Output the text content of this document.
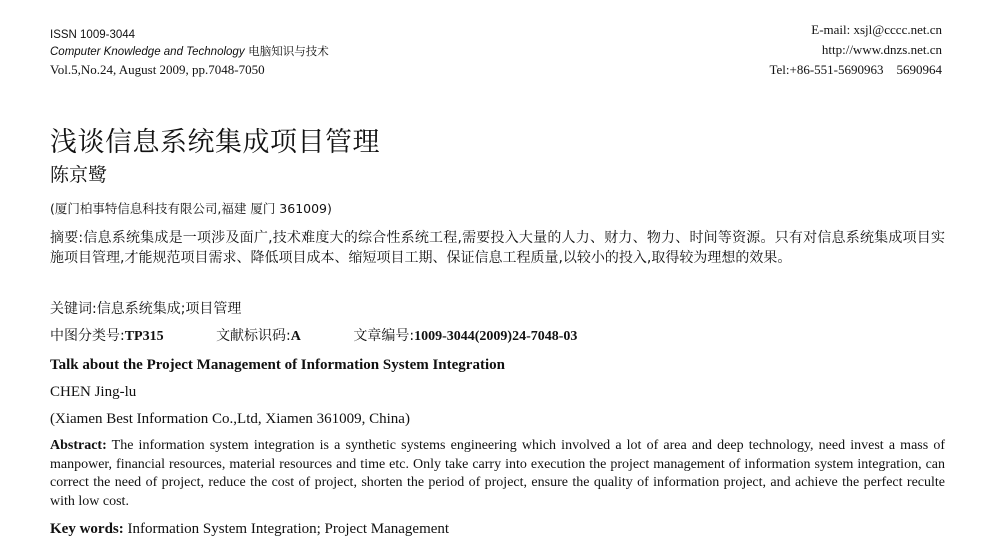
ISSN 1009-3044
Computer Knowledge and Technology 电脑知识与技术
Vol.5,No.24, August 2009, pp.7048-7050
E-mail: xsjl@cccc.net.cn
http://www.dnzs.net.cn
Tel:+86-551-5690963    5690964
浅谈信息系统集成项目管理
陈京鹭
(厦门柏事特信息科技有限公司,福建 厦门 361009)
摘要:信息系统集成是一项涉及面广,技术难度大的综合性系统工程,需要投入大量的人力、财力、物力、时间等资源。只有对信息系统集成项目实施项目管理,才能规范项目需求、降低项目成本、缩短项目工期、保证信息工程质量,以较小的投入,取得较为理想的效果。
关键词:信息系统集成;项目管理
中图分类号:TP315	文献标识码:A	文章编号:1009-3044(2009)24-7048-03
Talk about the Project Management of Information System Integration
CHEN Jing-lu
(Xiamen Best Information Co.,Ltd, Xiamen 361009, China)
Abstract: The information system integration is a synthetic systems engineering which involved a lot of area and deep technology, need invest a mass of manpower, financial resources, material resources and time etc. Only take carry into execution the project management of information system integration, can correct the need of project, reduce the cost of project, shorten the period of project, ensure the quality of information project, and achieve the perfect reculte with low cost.
Key words: Information System Integration; Project Management
